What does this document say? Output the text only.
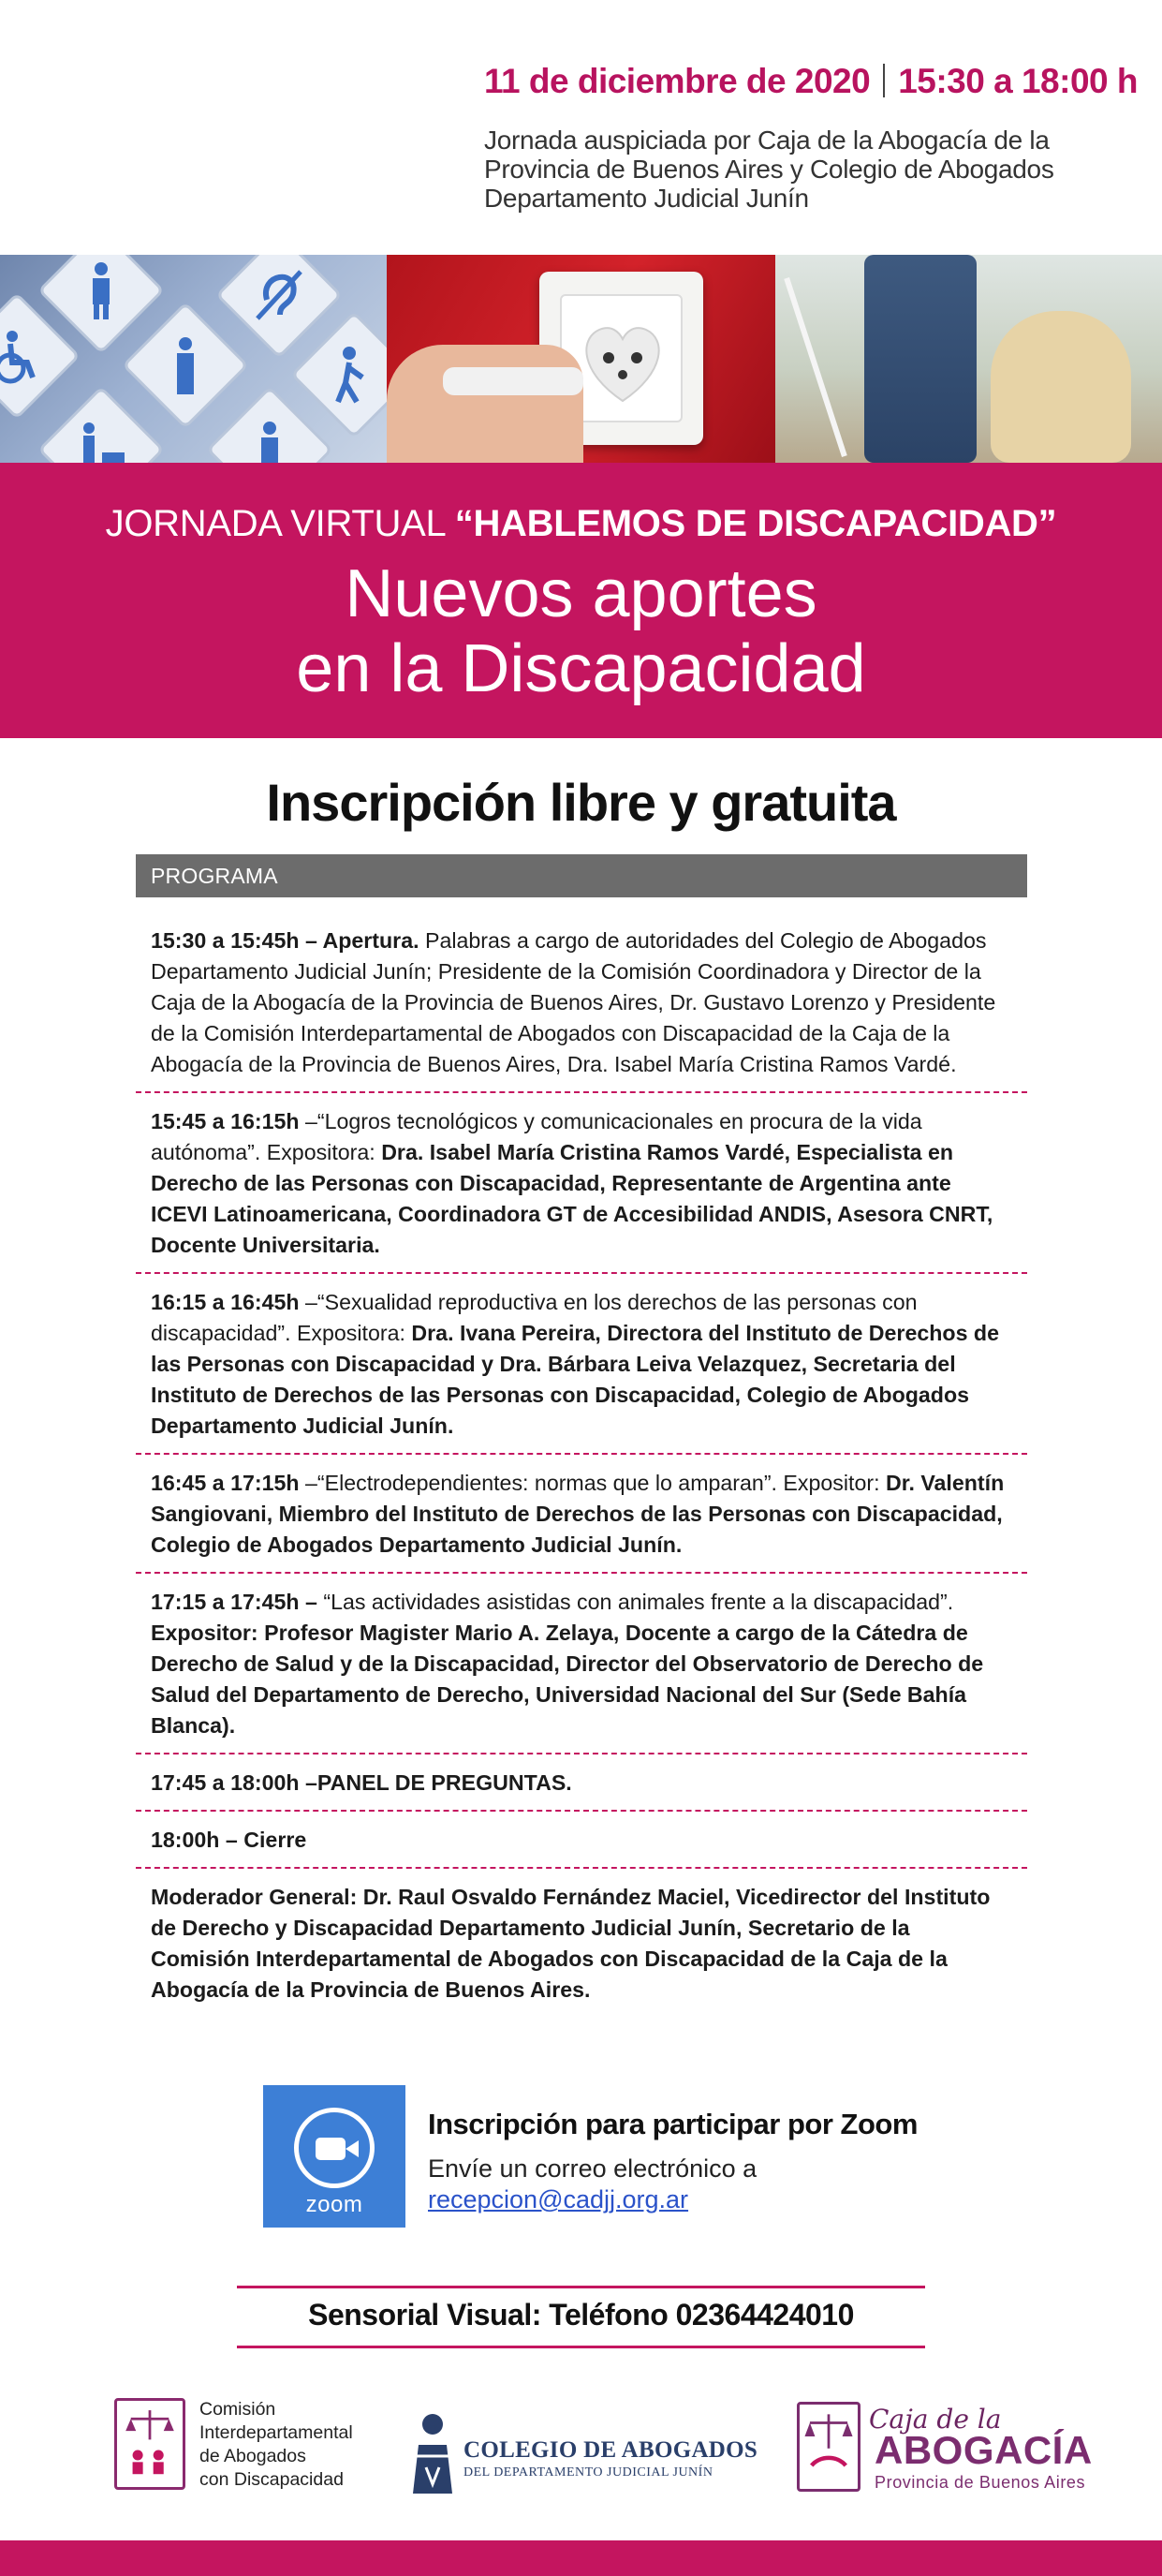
11 de diciembre de 2020 15:30 a 18:00 h
Jornada auspiciada por Caja de la Abogacía de la
Provincia de Buenos Aires y Colegio de Abogados
Departamento Judicial Junín
JORNADA VIRTUAL “HABLEMOS DE DISCAPACIDAD”
Nuevos aportes
en la Discapacidad
Inscripción libre y gratuita
PROGRAMA
15:30 a 15:45h – Apertura. Palabras a cargo de autoridades del Colegio de Abogados Departamento Judicial Junín; Presidente de la Comisión Coordinadora y Director de la Caja de la Abogacía de la Provincia de Buenos Aires, Dr. Gustavo Lorenzo y Presidente de la Comisión Interdepartamental de Abogados con Discapacidad de la Caja de la Abogacía de la Provincia de Buenos Aires, Dra. Isabel María Cristina Ramos Vardé.
15:45 a 16:15h –“Logros tecnológicos y comunicacionales en procura de la vida autónoma”. Expositora: Dra. Isabel María Cristina Ramos Vardé, Especialista en Derecho de las Personas con Discapacidad, Representante de Argentina ante ICEVI Latinoamericana, Coordinadora GT de Accesibilidad ANDIS, Asesora CNRT, Docente Universitaria.
16:15 a 16:45h –“Sexualidad reproductiva en los derechos de las personas con discapacidad”. Expositora: Dra. Ivana Pereira, Directora del Instituto de Derechos de las Personas con Discapacidad y Dra. Bárbara Leiva Velazquez, Secretaria del Instituto de Derechos de las Personas con Discapacidad, Colegio de Abogados Departamento Judicial Junín.
16:45 a 17:15h –“Electrodependientes: normas que lo amparan”. Expositor: Dr. Valentín Sangiovani, Miembro del Instituto de Derechos de las Personas con Discapacidad, Colegio de Abogados Departamento Judicial Junín.
17:15 a 17:45h – “Las actividades asistidas con animales frente a la discapacidad”. Expositor: Profesor Magister Mario A. Zelaya, Docente a cargo de la Cátedra de Derecho de Salud y de la Discapacidad, Director del Observatorio de Derecho de Salud del Departamento de Derecho, Universidad Nacional del Sur (Sede Bahía Blanca).
17:45 a 18:00h –PANEL DE PREGUNTAS.
18:00h – Cierre
Moderador General: Dr. Raul Osvaldo Fernández Maciel, Vicedirector del Instituto de Derecho y Discapacidad Departamento Judicial Junín, Secretario de la Comisión Interdepartamental de Abogados con Discapacidad de la Caja de la Abogacía de la Provincia de Buenos Aires.
zoom
Inscripción para participar por Zoom
Envíe un correo electrónico a
recepcion@cadjj.org.ar
Sensorial Visual: Teléfono 02364424010
Comisión
Interdepartamental
de Abogados
con Discapacidad
COLEGIO DE ABOGADOS
DEL DEPARTAMENTO JUDICIAL JUNÍN
Caja de la
ABOGACÍA
Provincia de Buenos Aires
